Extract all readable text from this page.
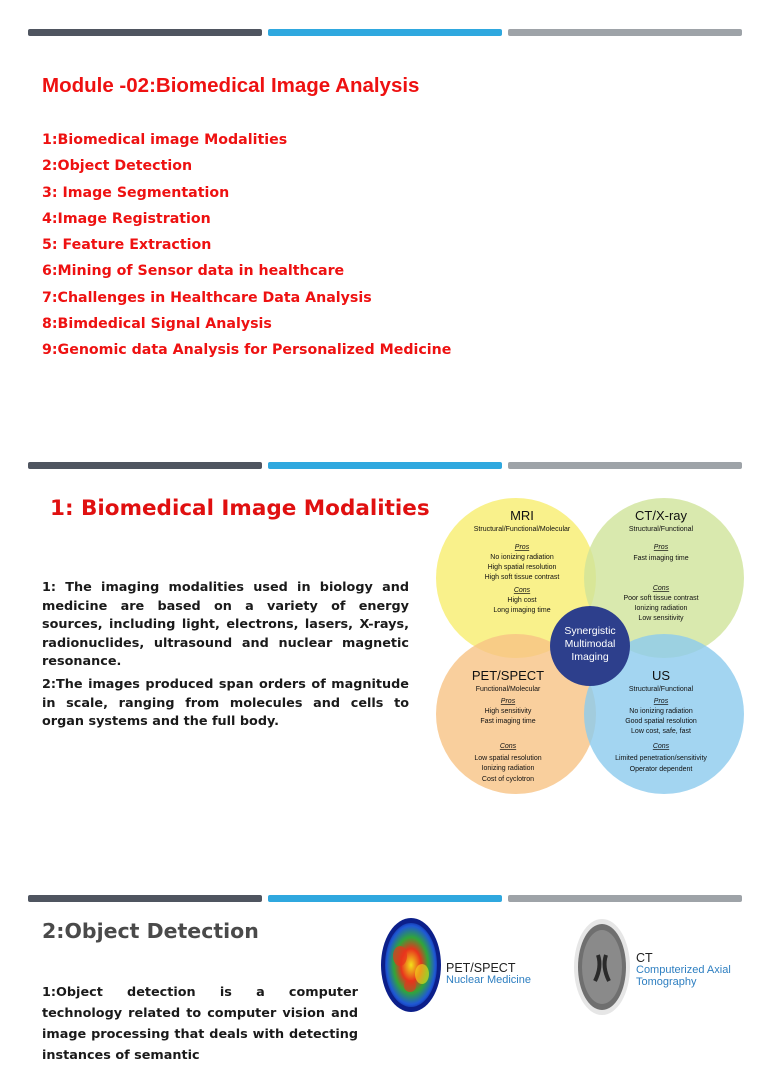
Module -02:Biomedical Image Analysis
1:Biomedical image Modalities
2:Object Detection
3: Image Segmentation
4:Image Registration
5: Feature Extraction
6:Mining of Sensor data in healthcare
7:Challenges in Healthcare Data Analysis
8:Bimdedical Signal Analysis
9:Genomic data Analysis for Personalized Medicine
1: Biomedical Image Modalities

1: The imaging modalities used in biology and medicine are based on a variety of energy sources, including light, electrons, lasers, X-rays, radionuclides, ultrasound and nuclear magnetic resonance.

2:The images produced span orders of magnitude in scale, ranging from molecules and cells to organ systems and the full body.

Synergistic
Multimodal
Imaging
MRI
Structural/Functional/Molecular
Pros
No ionizing radiation
High spatial resolution
High soft tissue contrast
Cons
High cost
Long imaging time
CT/X-ray
Structural/Functional
Pros
Fast imaging time
Cons
Poor soft tissue contrast
Ionizing radiation
Low sensitivity
PET/SPECT
Functional/Molecular
Pros
High sensitivity
Fast imaging time
Cons
Low spatial resolution
Ionizing radiation
Cost of cyclotron
US
Structural/Functional
Pros
No ionizing radiation
Good spatial resolution
Low cost, safe, fast
Cons
Limited penetration/sensitivity
Operator dependent
2:Object Detection

1:Object detection is a computer technology related to computer vision and image processing that deals with detecting instances of semantic

PET/SPECT
Nuclear Medicine
CT
Computerized Axial
Tomography
